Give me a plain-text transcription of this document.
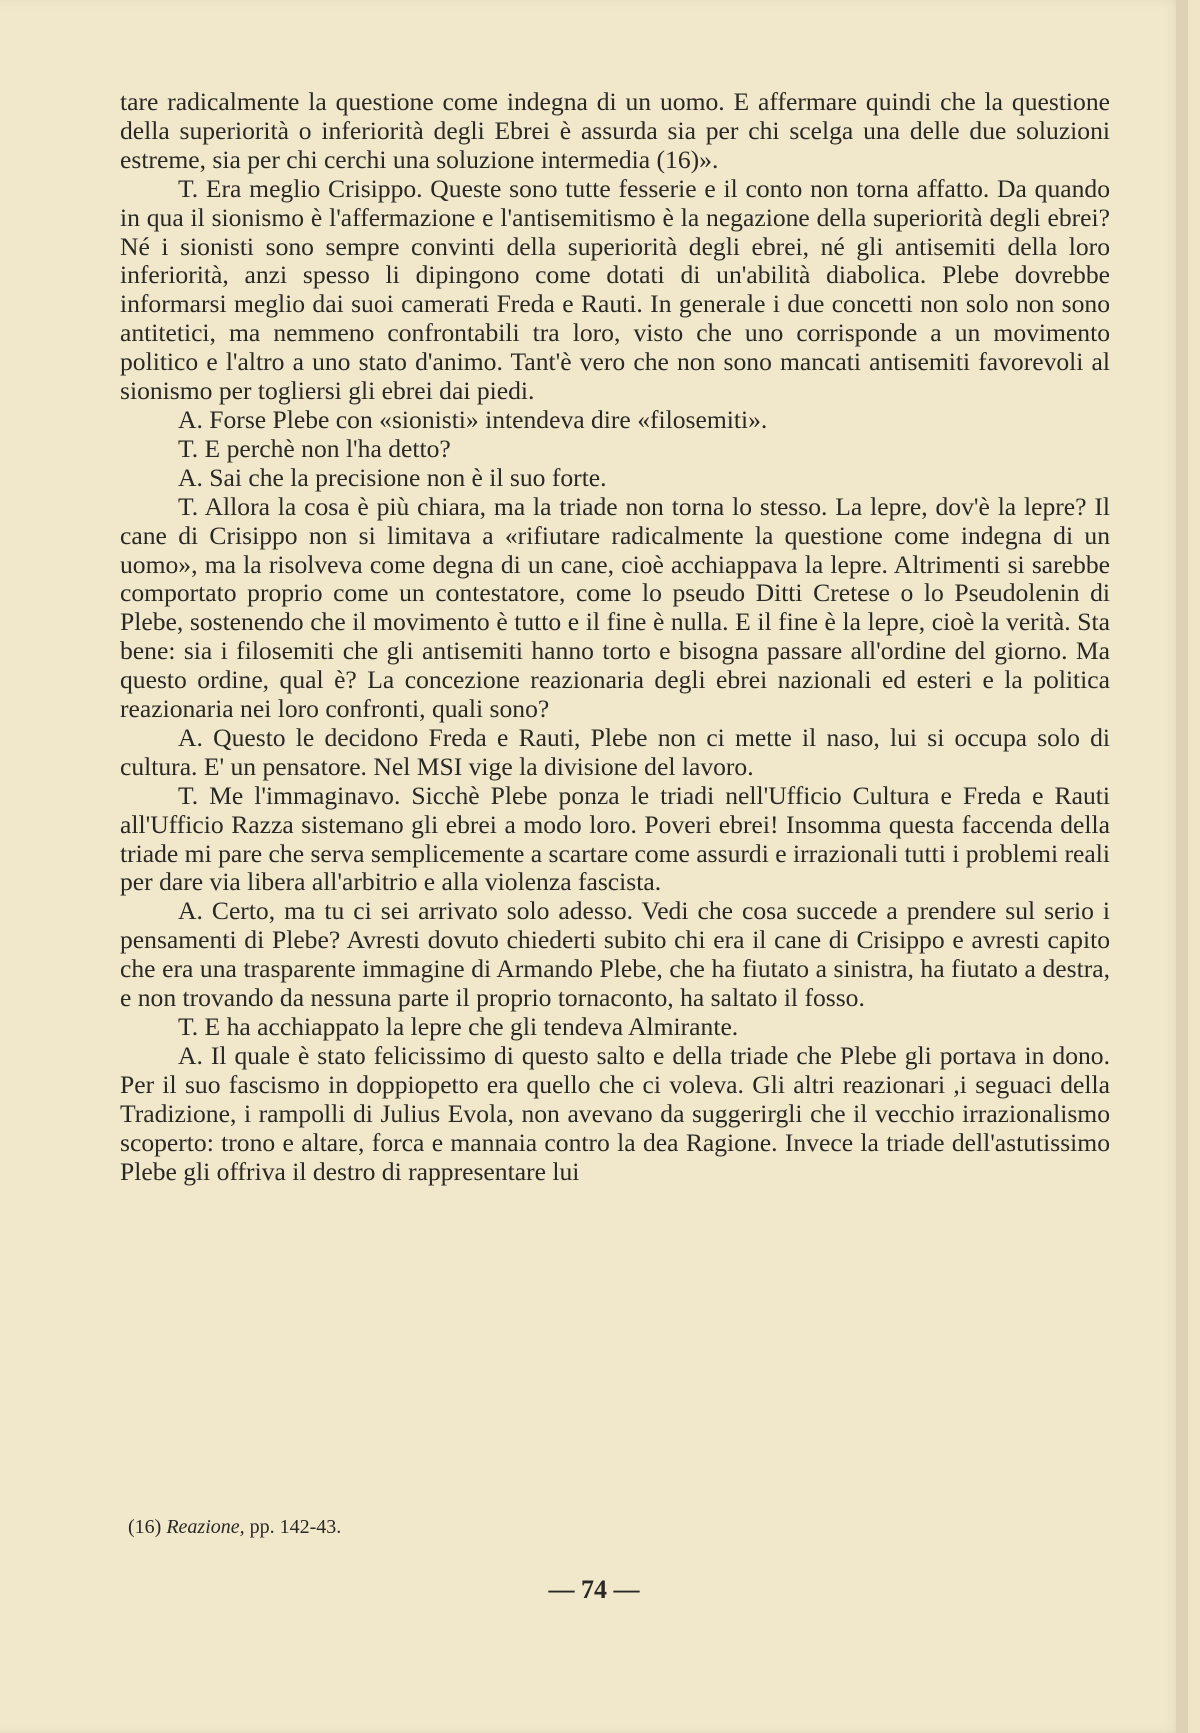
tare radicalmente la questione come indegna di un uomo. E affermare quindi che la questione della superiorità o inferiorità degli Ebrei è assurda sia per chi scelga una delle due soluzioni estreme, sia per chi cerchi una soluzione intermedia (16)».

T. Era meglio Crisippo. Queste sono tutte fesserie e il conto non torna affatto. Da quando in qua il sionismo è l'affermazione e l'antisemitismo è la negazione della superiorità degli ebrei? Né i sionisti sono sempre convinti della superiorità degli ebrei, né gli antisemiti della loro inferiorità, anzi spesso li dipingono come dotati di un'abilità diabolica. Plebe dovrebbe informarsi meglio dai suoi camerati Freda e Rauti. In generale i due concetti non solo non sono antitetici, ma nemmeno confrontabili tra loro, visto che uno corrisponde a un movimento politico e l'altro a uno stato d'animo. Tant'è vero che non sono mancati antisemiti favorevoli al sionismo per togliersi gli ebrei dai piedi.

A. Forse Plebe con «sionisti» intendeva dire «filosemiti».

T. E perchè non l'ha detto?

A. Sai che la precisione non è il suo forte.

T. Allora la cosa è più chiara, ma la triade non torna lo stesso. La lepre, dov'è la lepre? Il cane di Crisippo non si limitava a «rifiutare radicalmente la questione come indegna di un uomo», ma la risolveva come degna di un cane, cioè acchiappava la lepre. Altrimenti si sarebbe comportato proprio come un contestatore, come lo pseudo Ditti Cretese o lo Pseudolenin di Plebe, sostenendo che il movimento è tutto e il fine è nulla. E il fine è la lepre, cioè la verità. Sta bene: sia i filosemiti che gli antisemiti hanno torto e bisogna passare all'ordine del giorno. Ma questo ordine, qual è? La concezione reazionaria degli ebrei nazionali ed esteri e la politica reazionaria nei loro confronti, quali sono?

A. Questo le decidono Freda e Rauti, Plebe non ci mette il naso, lui si occupa solo di cultura. E' un pensatore. Nel MSI vige la divisione del lavoro.

T. Me l'immaginavo. Sicchè Plebe ponza le triadi nell'Ufficio Cultura e Freda e Rauti all'Ufficio Razza sistemano gli ebrei a modo loro. Poveri ebrei! Insomma questa faccenda della triade mi pare che serva semplicemente a scartare come assurdi e irrazionali tutti i problemi reali per dare via libera all'arbitrio e alla violenza fascista.

A. Certo, ma tu ci sei arrivato solo adesso. Vedi che cosa succede a prendere sul serio i pensamenti di Plebe? Avresti dovuto chiederti subito chi era il cane di Crisippo e avresti capito che era una trasparente immagine di Armando Plebe, che ha fiutato a sinistra, ha fiutato a destra, e non trovando da nessuna parte il proprio tornaconto, ha saltato il fosso.

T. E ha acchiappato la lepre che gli tendeva Almirante.

A. Il quale è stato felicissimo di questo salto e della triade che Plebe gli portava in dono. Per il suo fascismo in doppiopetto era quello che ci voleva. Gli altri reazionari ,i seguaci della Tradizione, i rampolli di Julius Evola, non avevano da suggerirgli che il vecchio irrazionalismo scoperto: trono e altare, forca e mannaia contro la dea Ragione. Invece la triade dell'astutissimo Plebe gli offriva il destro di rappresentare lui

(16) Reazione, pp. 142-43.
— 74 —
